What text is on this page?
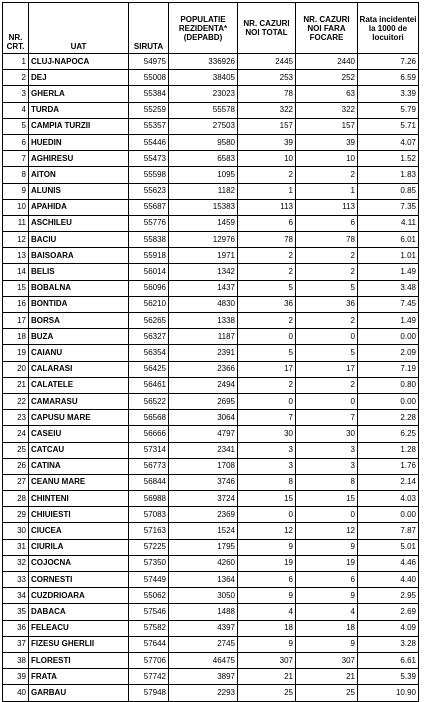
NR. CRT.	UAT	SIRUTA	POPULATIE REZIDENTA* (DEPABD)	NR. CAZURI NOI TOTAL	NR. CAZURI NOI FARA FOCARE	Rata incidentei la 1000 de locuitori
1	CLUJ-NAPOCA	54975	336926	2445	2440	7.26
2	DEJ	55008	38405	253	252	6.59
3	GHERLA	55384	23023	78	63	3.39
4	TURDA	55259	55578	322	322	5.79
5	CAMPIA TURZII	55357	27503	157	157	5.71
6	HUEDIN	55446	9580	39	39	4.07
7	AGHIRESU	55473	6583	10	10	1.52
8	AITON	55598	1095	2	2	1.83
9	ALUNIS	55623	1182	1	1	0.85
10	APAHIDA	55687	15383	113	113	7.35
11	ASCHILEU	55776	1459	6	6	4.11
12	BACIU	55838	12976	78	78	6.01
13	BAISOARA	55918	1971	2	2	1.01
14	BELIS	56014	1342	2	2	1.49
15	BOBALNA	56096	1437	5	5	3.48
16	BONTIDA	56210	4830	36	36	7.45
17	BORSA	56265	1338	2	2	1.49
18	BUZA	56327	1187	0	0	0.00
19	CAIANU	56354	2391	5	5	2.09
20	CALARASI	56425	2366	17	17	7.19
21	CALATELE	56461	2494	2	2	0.80
22	CAMARASU	56522	2695	0	0	0.00
23	CAPUSU MARE	56568	3064	7	7	2.28
24	CASEIU	56666	4797	30	30	6.25
25	CATCAU	57314	2341	3	3	1.28
26	CATINA	56773	1708	3	3	1.76
27	CEANU MARE	56844	3746	8	8	2.14
28	CHINTENI	56988	3724	15	15	4.03
29	CHIUIESTI	57083	2369	0	0	0.00
30	CIUCEA	57163	1524	12	12	7.87
31	CIURILA	57225	1795	9	9	5.01
32	COJOCNA	57350	4260	19	19	4.46
33	CORNESTI	57449	1364	6	6	4.40
34	CUZDRIOARA	55062	3050	9	9	2.95
35	DABACA	57546	1488	4	4	2.69
36	FELEACU	57582	4397	18	18	4.09
37	FIZESU GHERLII	57644	2745	9	9	3.28
38	FLORESTI	57706	46475	307	307	6.61
39	FRATA	57742	3897	21	21	5.39
40	GARBAU	57948	2293	25	25	10.90
